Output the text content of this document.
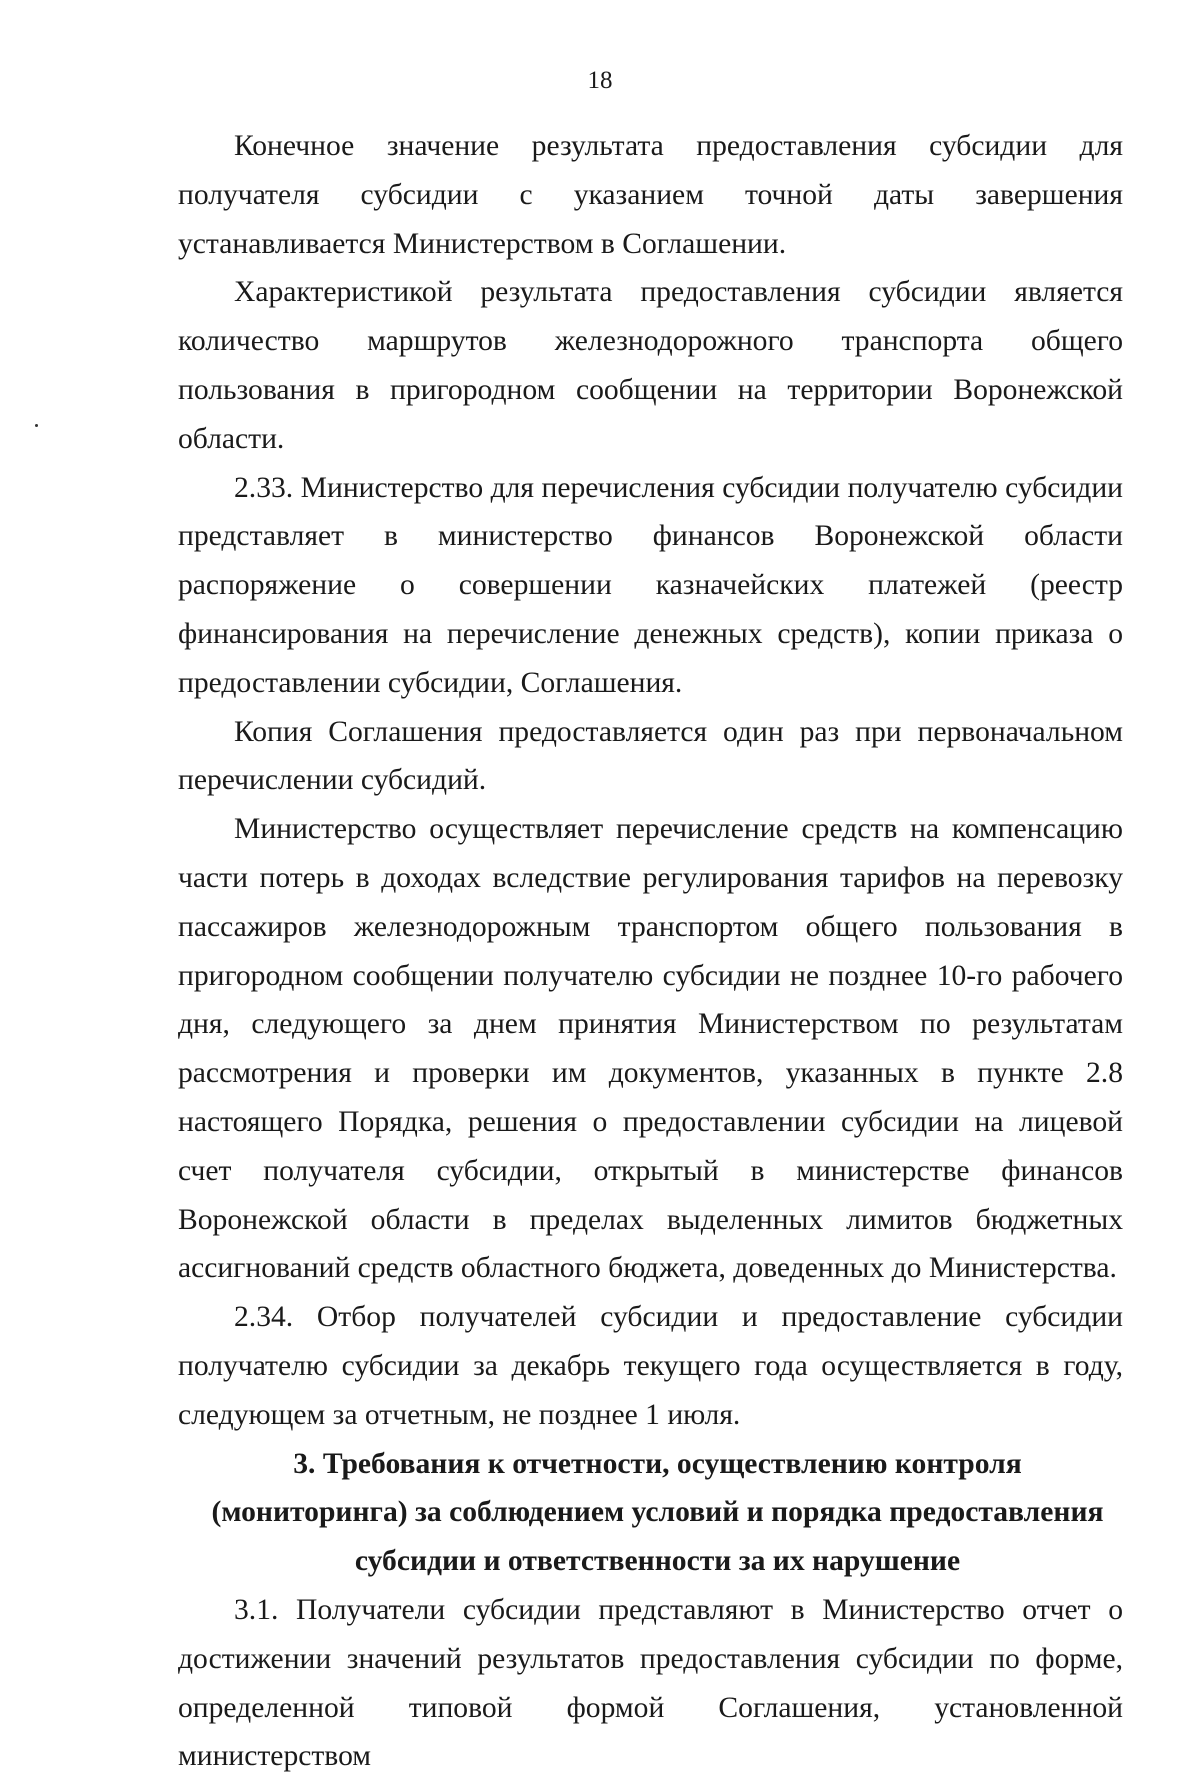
18

Конечное значение результата предоставления субсидии для получателя субсидии с указанием точной даты завершения устанавливается Министерством в Соглашении.

Характеристикой результата предоставления субсидии является количество маршрутов железнодорожного транспорта общего пользования в пригородном сообщении на территории Воронежской области.

2.33. Министерство для перечисления субсидии получателю субсидии представляет в министерство финансов Воронежской области распоряжение о совершении казначейских платежей (реестр финансирования на перечисление денежных средств), копии приказа о предоставлении субсидии, Соглашения.

Копия Соглашения предоставляется один раз при первоначальном перечислении субсидий.

Министерство осуществляет перечисление средств на компенсацию части потерь в доходах вследствие регулирования тарифов на перевозку пассажиров железнодорожным транспортом общего пользования в пригородном сообщении получателю субсидии не позднее 10-го рабочего дня, следующего за днем принятия Министерством по результатам рассмотрения и проверки им документов, указанных в пункте 2.8 настоящего Порядка, решения о предоставлении субсидии на лицевой счет получателя субсидии, открытый в министерстве финансов Воронежской области в пределах выделенных лимитов бюджетных ассигнований средств областного бюджета, доведенных до Министерства.

2.34. Отбор получателей субсидии и предоставление субсидии получателю субсидии за декабрь текущего года осуществляется в году, следующем за отчетным, не позднее 1 июля.

3. Требования к отчетности, осуществлению контроля
(мониторинга) за соблюдением условий и порядка предоставления
субсидии и ответственности за их нарушение

3.1. Получатели субсидии представляют в Министерство отчет о достижении значений результатов предоставления субсидии по форме, определенной типовой формой Соглашения, установленной министерством
